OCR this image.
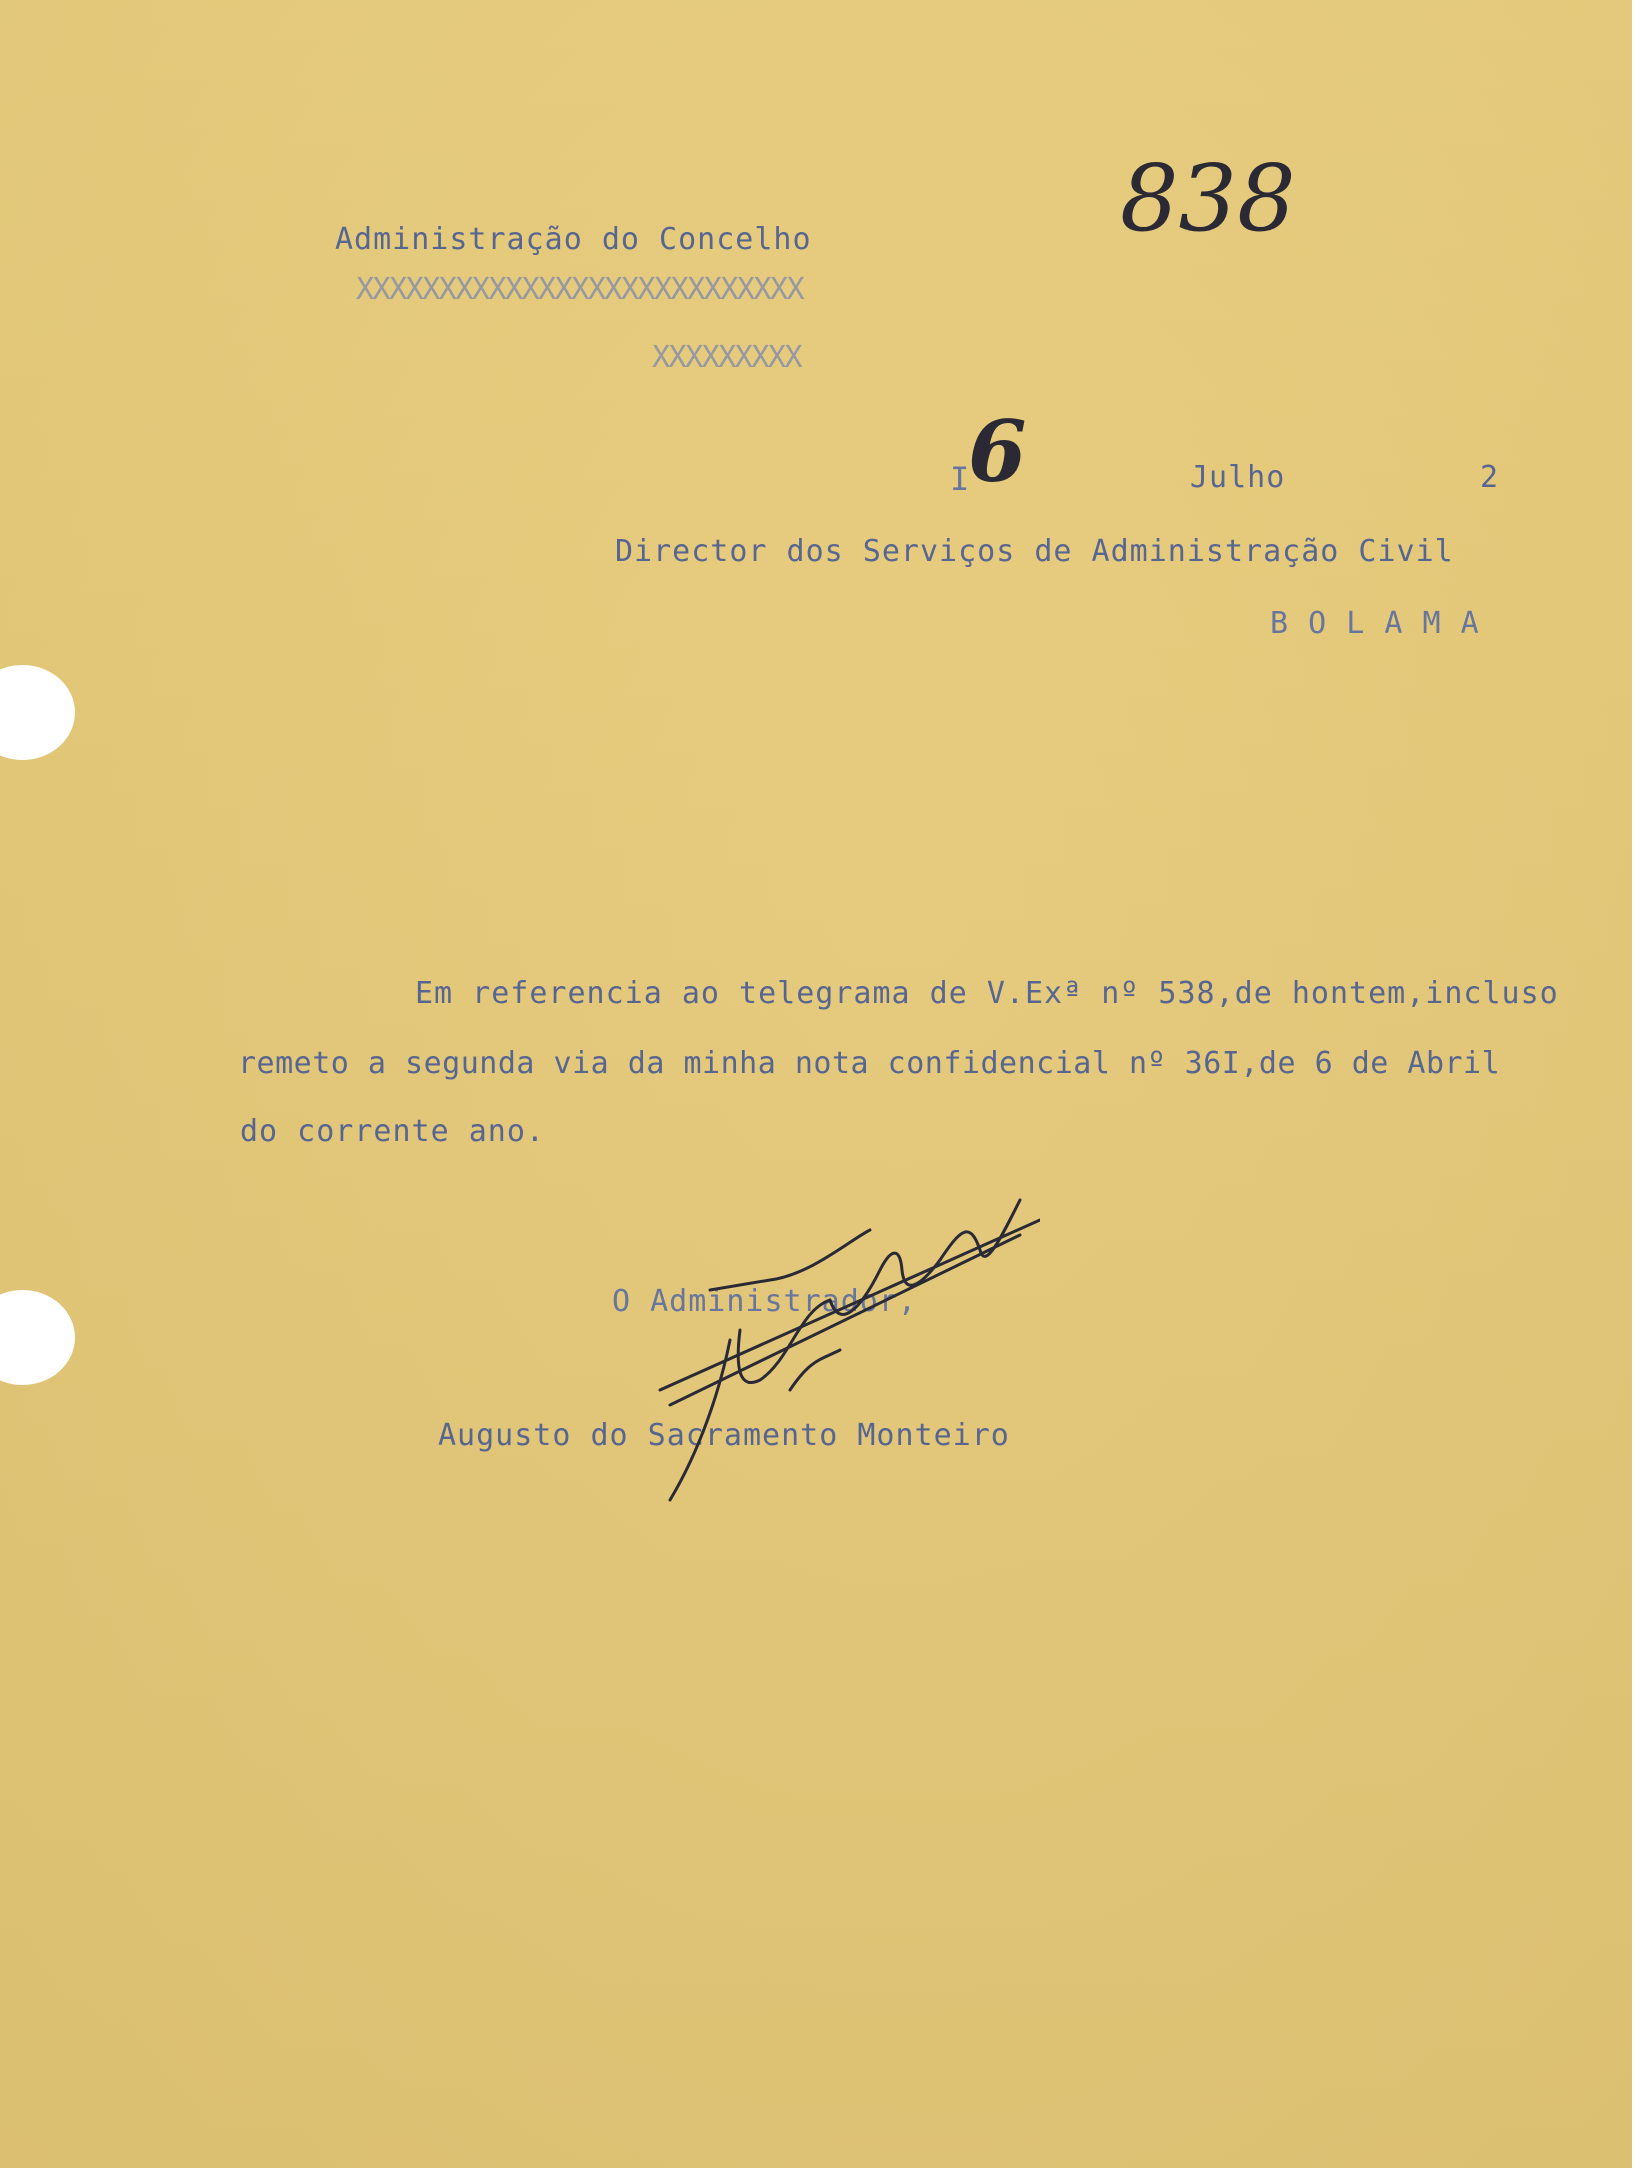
838
Administração do Concelho
XXXXXXXXXXXXXXXXXXXXXXXXXXX
XXXXXXXXX
I
6	Julho	2
Director dos Serviços de Administração Civil
B O L A M A
Em referencia ao telegrama de V.Exª nº 538,de hontem,incluso
remeto a segunda via da minha nota confidencial nº 36I,de 6 de Abril
do corrente ano.
O Administrador,
Augusto do Sacramento Monteiro
